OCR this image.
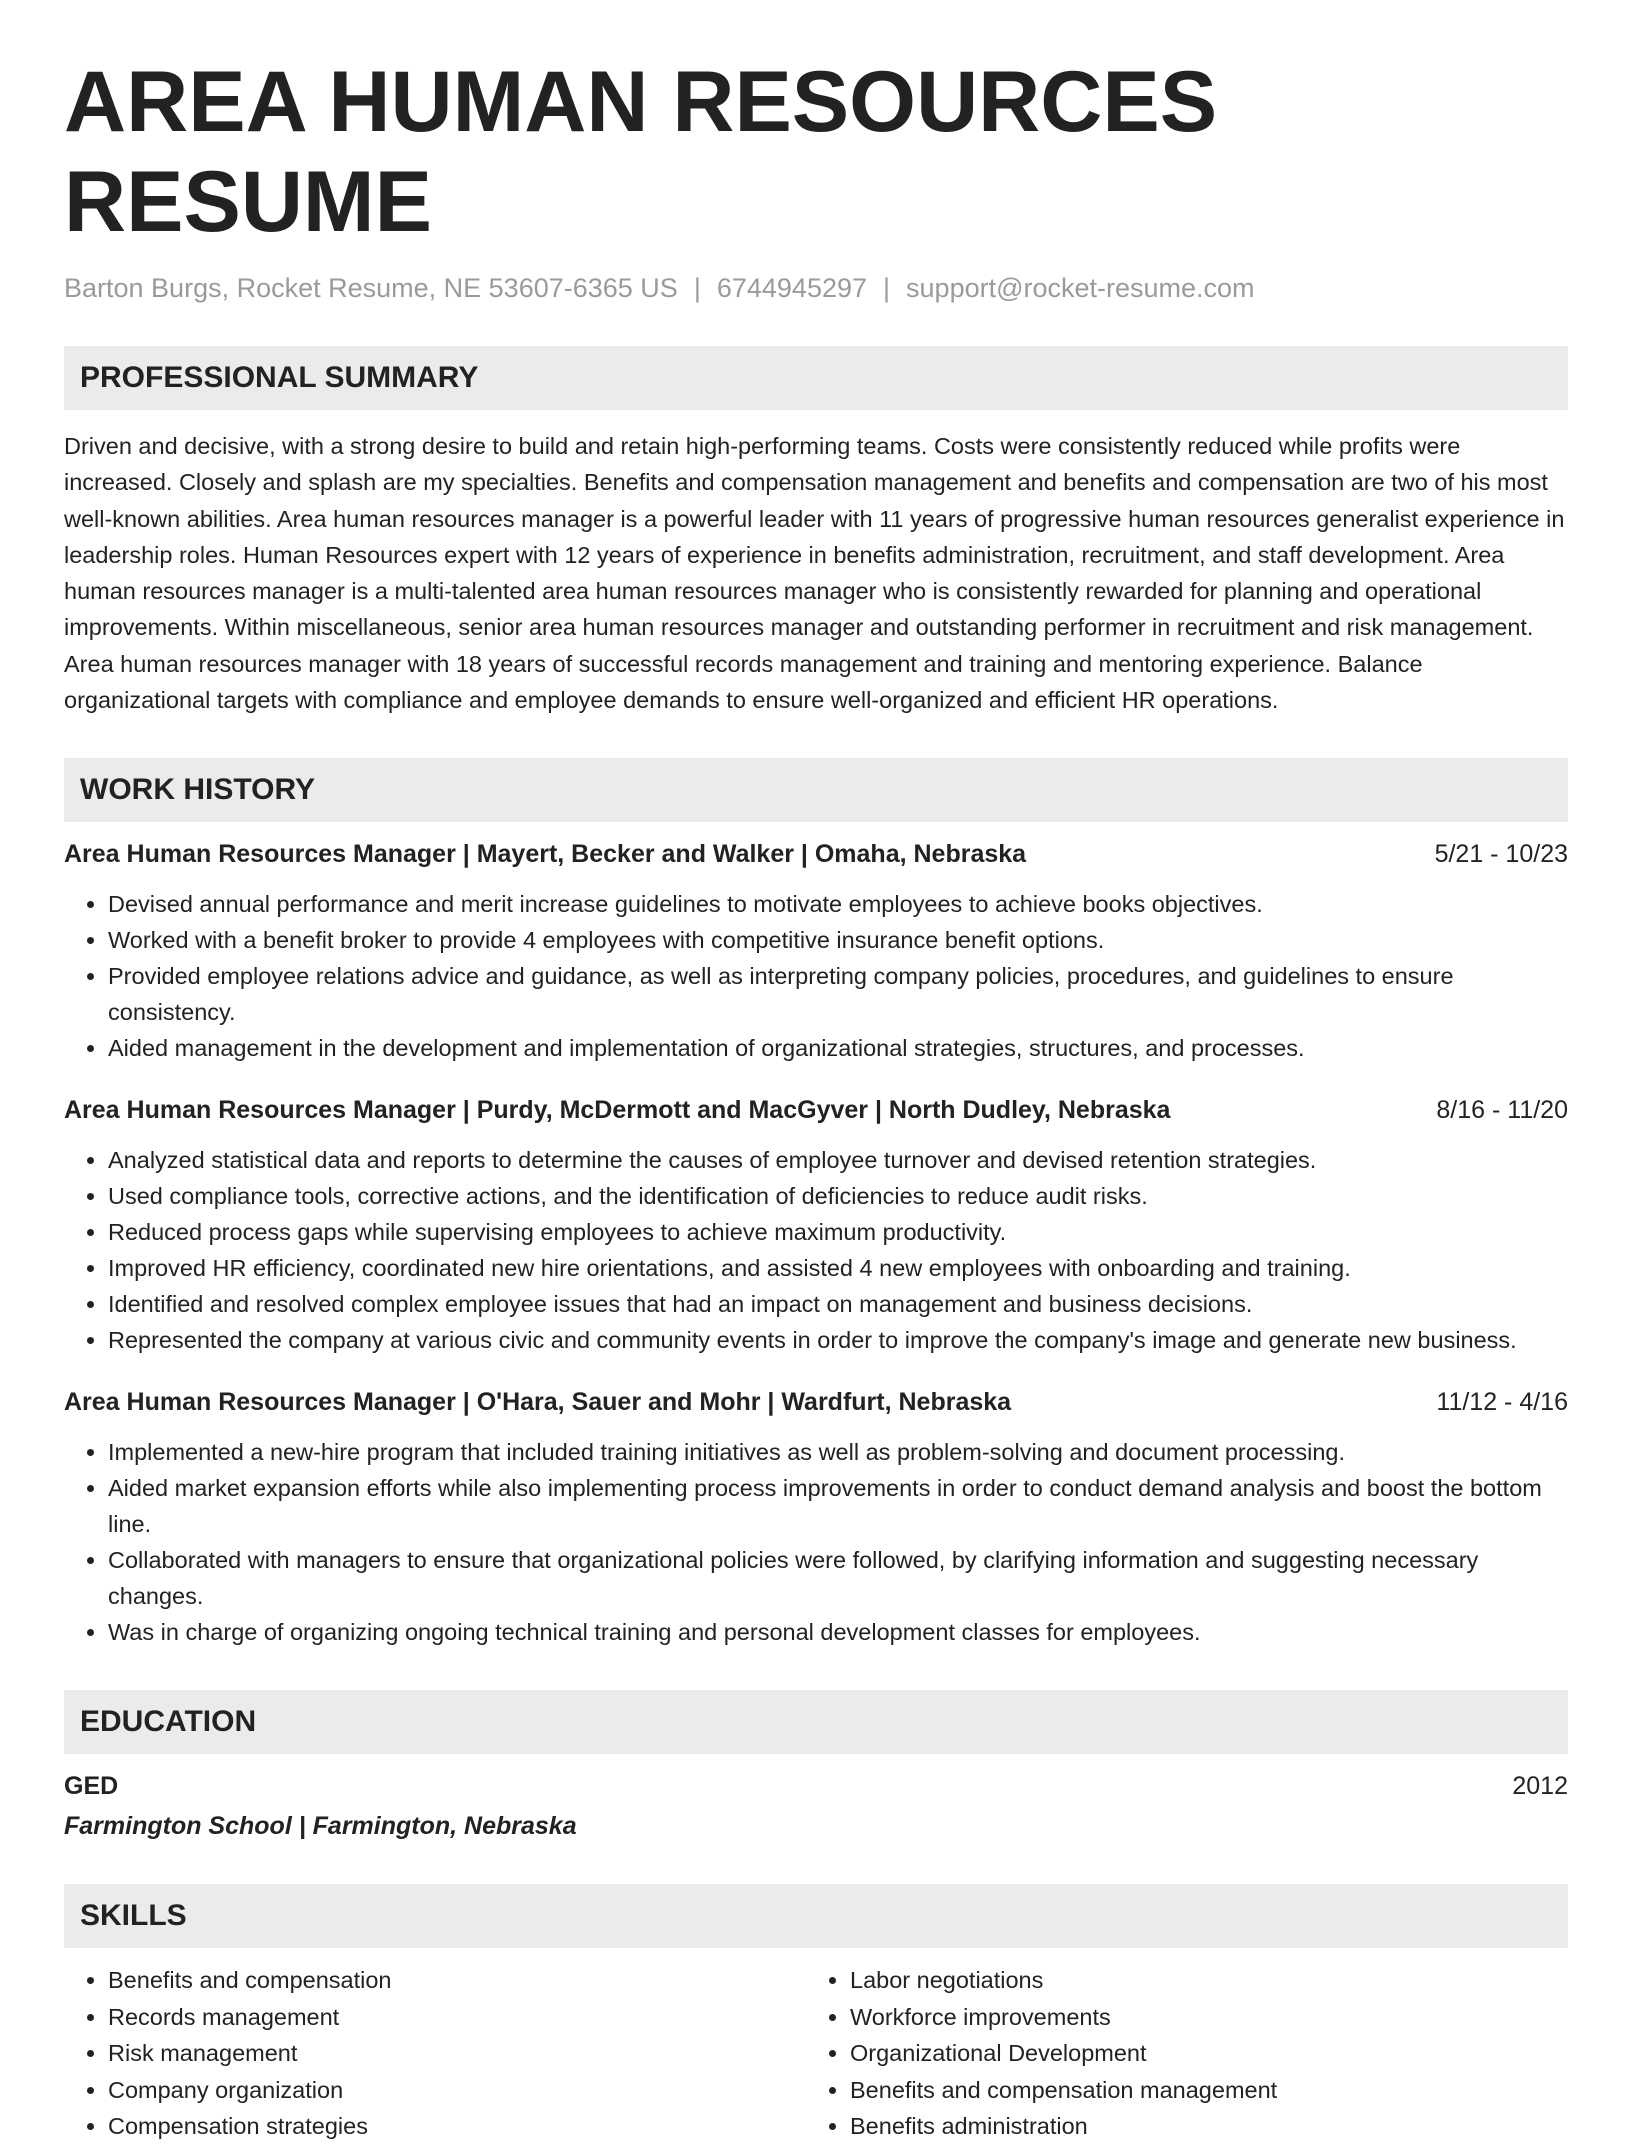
AREA HUMAN RESOURCES RESUME
Barton Burgs, Rocket Resume, NE 53607-6365 US | 6744945297 | support@rocket-resume.com
PROFESSIONAL SUMMARY
Driven and decisive, with a strong desire to build and retain high-performing teams. Costs were consistently reduced while profits were increased. Closely and splash are my specialties. Benefits and compensation management and benefits and compensation are two of his most well-known abilities. Area human resources manager is a powerful leader with 11 years of progressive human resources generalist experience in leadership roles. Human Resources expert with 12 years of experience in benefits administration, recruitment, and staff development. Area human resources manager is a multi-talented area human resources manager who is consistently rewarded for planning and operational improvements. Within miscellaneous, senior area human resources manager and outstanding performer in recruitment and risk management. Area human resources manager with 18 years of successful records management and training and mentoring experience. Balance organizational targets with compliance and employee demands to ensure well-organized and efficient HR operations.
WORK HISTORY
Area Human Resources Manager | Mayert, Becker and Walker | Omaha, Nebraska	5/21 - 10/23
• Devised annual performance and merit increase guidelines to motivate employees to achieve books objectives.
• Worked with a benefit broker to provide 4 employees with competitive insurance benefit options.
• Provided employee relations advice and guidance, as well as interpreting company policies, procedures, and guidelines to ensure consistency.
• Aided management in the development and implementation of organizational strategies, structures, and processes.
Area Human Resources Manager | Purdy, McDermott and MacGyver | North Dudley, Nebraska	8/16 - 11/20
• Analyzed statistical data and reports to determine the causes of employee turnover and devised retention strategies.
• Used compliance tools, corrective actions, and the identification of deficiencies to reduce audit risks.
• Reduced process gaps while supervising employees to achieve maximum productivity.
• Improved HR efficiency, coordinated new hire orientations, and assisted 4 new employees with onboarding and training.
• Identified and resolved complex employee issues that had an impact on management and business decisions.
• Represented the company at various civic and community events in order to improve the company's image and generate new business.
Area Human Resources Manager | O'Hara, Sauer and Mohr | Wardfurt, Nebraska	11/12 - 4/16
• Implemented a new-hire program that included training initiatives as well as problem-solving and document processing.
• Aided market expansion efforts while also implementing process improvements in order to conduct demand analysis and boost the bottom line.
• Collaborated with managers to ensure that organizational policies were followed, by clarifying information and suggesting necessary changes.
• Was in charge of organizing ongoing technical training and personal development classes for employees.
EDUCATION
GED	2012
Farmington School | Farmington, Nebraska
SKILLS
• Benefits and compensation
• Records management
• Risk management
• Company organization
• Compensation strategies
• Labor negotiations
• Workforce improvements
• Organizational Development
• Benefits and compensation management
• Benefits administration
